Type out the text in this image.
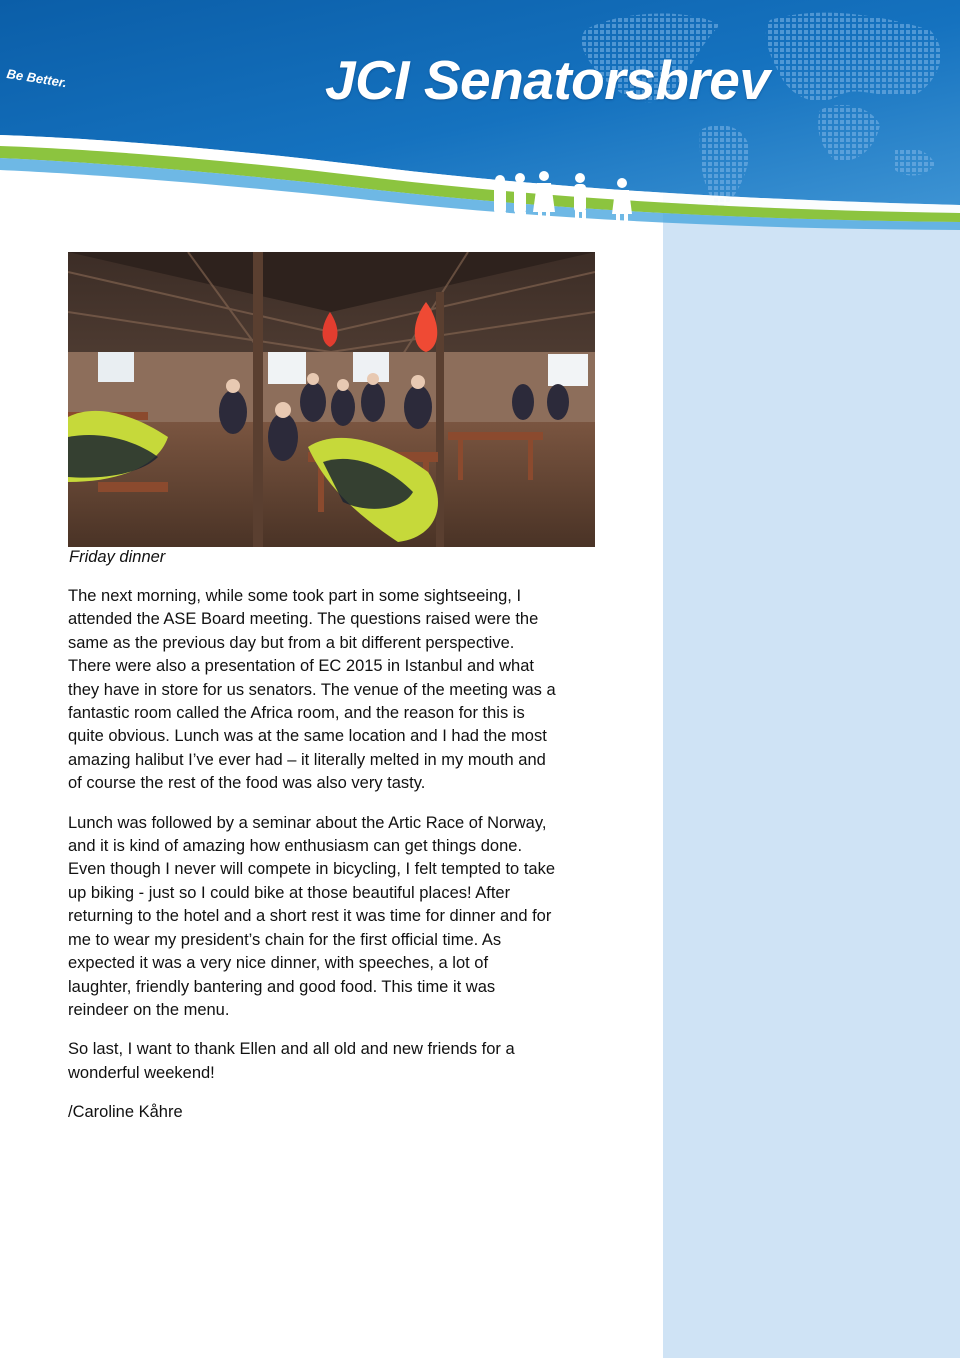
JCI Senatorsbrev

Be Better.

Friday dinner

The next morning, while some took part in some sightseeing, I
attended the ASE Board meeting. The questions raised were the
same as the previous day but from a bit different perspective.
There were also a presentation of EC 2015 in Istanbul and what
they have in store for us senators. The venue of the meeting was a
fantastic room called the Africa room, and the reason for this is
quite obvious. Lunch was at the same location and I had the most
amazing halibut I’ve ever had – it literally melted in my mouth and
of course the rest of the food was also very tasty.

Lunch was followed by a seminar about the Artic Race of Norway,
and it is kind of amazing how enthusiasm can get things done.
Even though I never will compete in bicycling, I felt tempted to take
up biking - just so I could bike at those beautiful places! After
returning to the hotel and a short rest it was time for dinner and for
me to wear my president’s chain for the first official time. As
expected it was a very nice dinner, with speeches, a lot of
laughter, friendly bantering and good food. This time it was
reindeer on the menu.

So last, I want to thank Ellen and all old and new friends for a
wonderful weekend!

/Caroline Kåhre
